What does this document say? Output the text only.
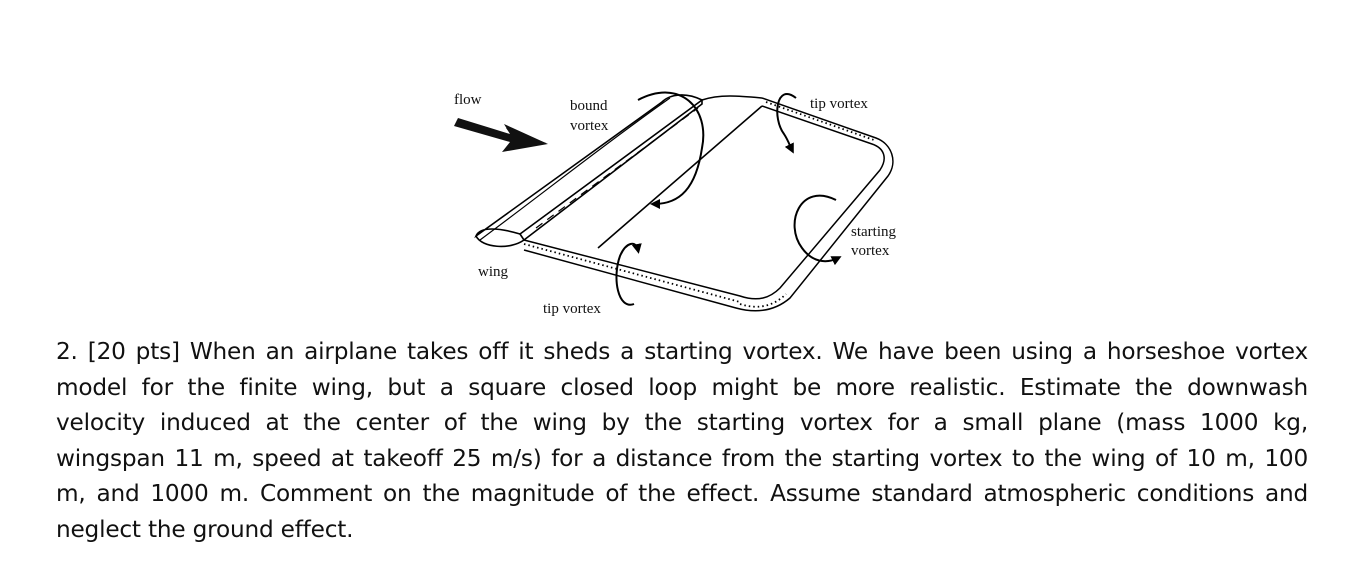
flow	bound
vortex
tip vortex
wing
starting
vortex
tip vortex
2. [20 pts] When an airplane takes off it sheds a starting vortex. We have been using a horseshoe vortex
model for the finite wing, but a square closed loop might be more realistic. Estimate the downwash
velocity induced at the center of the wing by the starting vortex for a small plane (mass 1000 kg,
wingspan 11 m, speed at takeoff 25 m/s) for a distance from the starting vortex to the wing of 10 m, 100
m, and 1000 m. Comment on the magnitude of the effect. Assume standard atmospheric conditions and
neglect the ground effect.
